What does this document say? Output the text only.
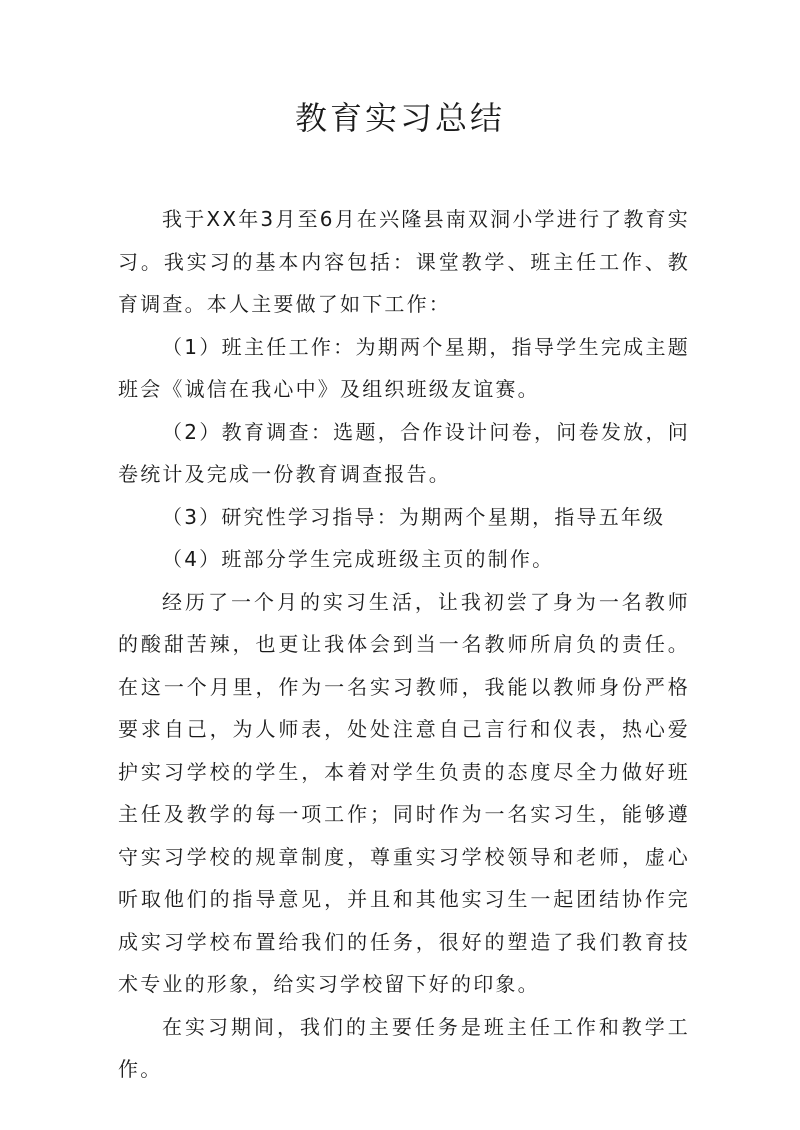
教育实习总结

我于XX年3月至6月在兴隆县南双洞小学进行了教育实习。我实习的基本内容包括：课堂教学、班主任工作、教育调查。本人主要做了如下工作：

（1）班主任工作：为期两个星期，指导学生完成主题班会《诚信在我心中》及组织班级友谊赛。

（2）教育调查：选题，合作设计问卷，问卷发放，问卷统计及完成一份教育调查报告。

（3）研究性学习指导：为期两个星期，指导五年级

（4）班部分学生完成班级主页的制作。

经历了一个月的实习生活，让我初尝了身为一名教师的酸甜苦辣，也更让我体会到当一名教师所肩负的责任。在这一个月里，作为一名实习教师，我能以教师身份严格要求自己，为人师表，处处注意自己言行和仪表，热心爱护实习学校的学生，本着对学生负责的态度尽全力做好班主任及教学的每一项工作；同时作为一名实习生，能够遵守实习学校的规章制度，尊重实习学校领导和老师，虚心听取他们的指导意见，并且和其他实习生一起团结协作完成实习学校布置给我们的任务，很好的塑造了我们教育技术专业的形象，给实习学校留下好的印象。

在实习期间，我们的主要任务是班主任工作和教学工作。
